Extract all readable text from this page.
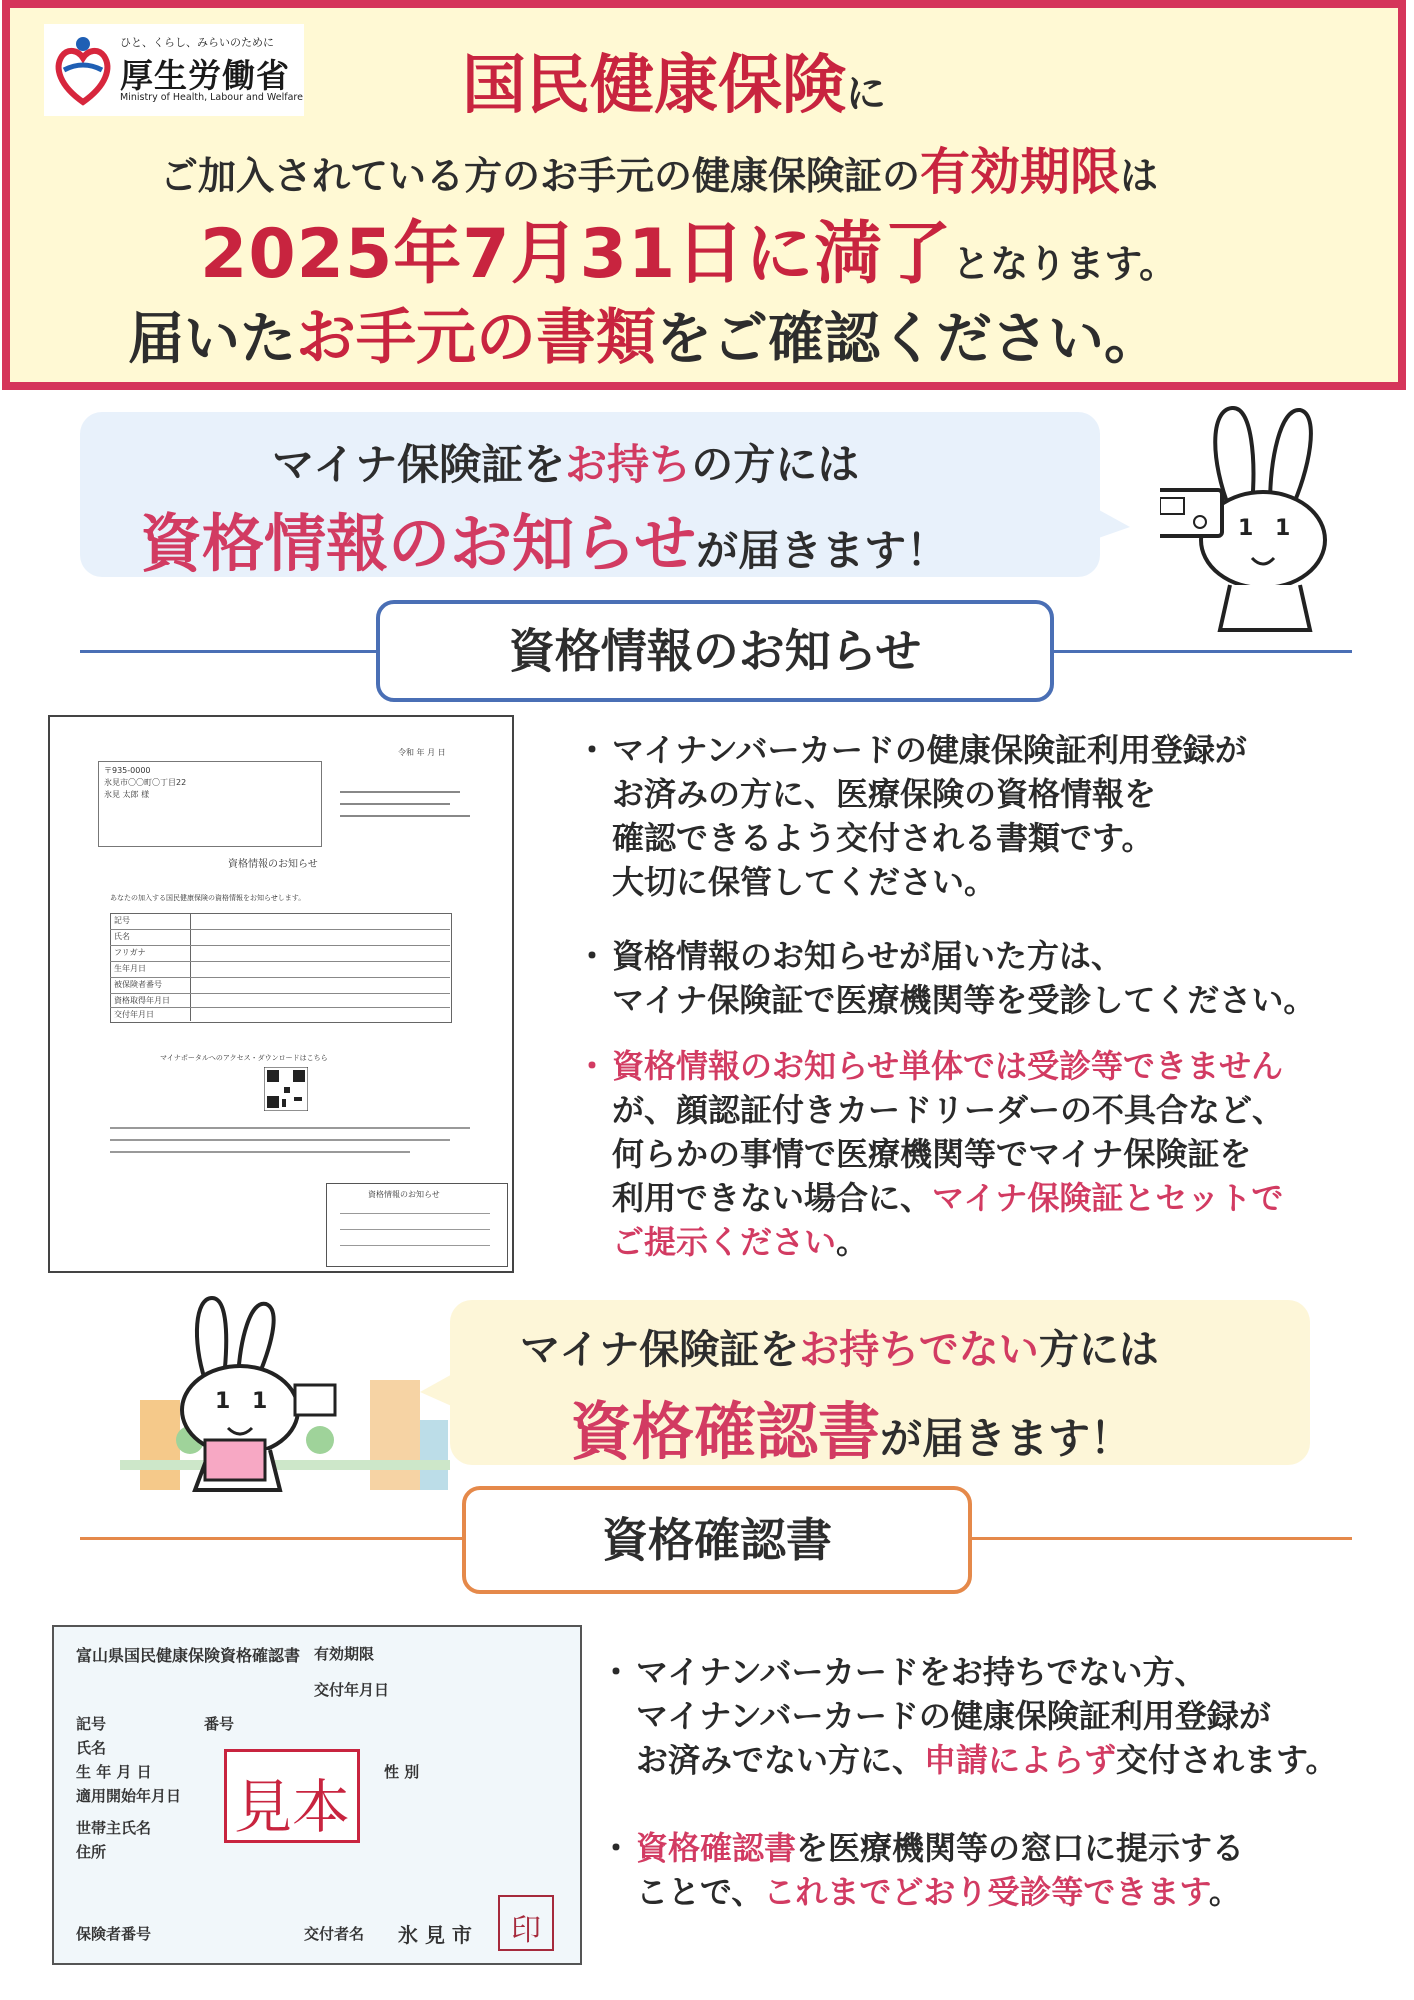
ひと、くらし、みらいのために
厚生労働省
Ministry of Health, Labour and Welfare 国民健康保険に
ご加入されている方のお手元の健康保険証の有効期限は
2025年7月31日に満了となります。
届いたお手元の書類をご確認ください。
マイナ保険証をお持ちの方には
資格情報のお知らせが届きます！	1 1
資格情報のお知らせ
令和 年 月 日
〒935-0000
氷見市〇〇町〇丁目22
氷見 太郎 様
資格情報のお知らせ
あなたの加入する国民健康保険の資格情報をお知らせします。
記号
氏名
フリガナ
生年月日
被保険者番号
資格取得年月日
交付年月日
マイナポータルへのアクセス・ダウンロードはこちら
資格情報のお知らせ
・ マイナンバーカードの健康保険証利用登録が
お済みの方に、医療保険の資格情報を
確認できるよう交付される書類です。
大切に保管してください。
・ 資格情報のお知らせが届いた方は、
マイナ保険証で医療機関等を受診してください。
・ 資格情報のお知らせ単体では受診等できません
が、顔認証付きカードリーダーの不具合など、
何らかの事情で医療機関等でマイナ保険証を
利用できない場合に、マイナ保険証とセットで
ご提示ください。
1 1
マイナ保険証をお持ちでない方には
資格確認書が届きます！
資格確認書
富山県国民健康保険資格確認書 有効期限
交付年月日
記号	番号
氏名
生 年 月 日	性 別
適用開始年月日
世帯主氏名
住所
保険者番号	交付者名 氷 見 市
見本
印
・ マイナンバーカードをお持ちでない方、
マイナンバーカードの健康保険証利用登録が
お済みでない方に、申請によらず交付されます。
・ 資格確認書を医療機関等の窓口に提示する
ことで、これまでどおり受診等できます。
